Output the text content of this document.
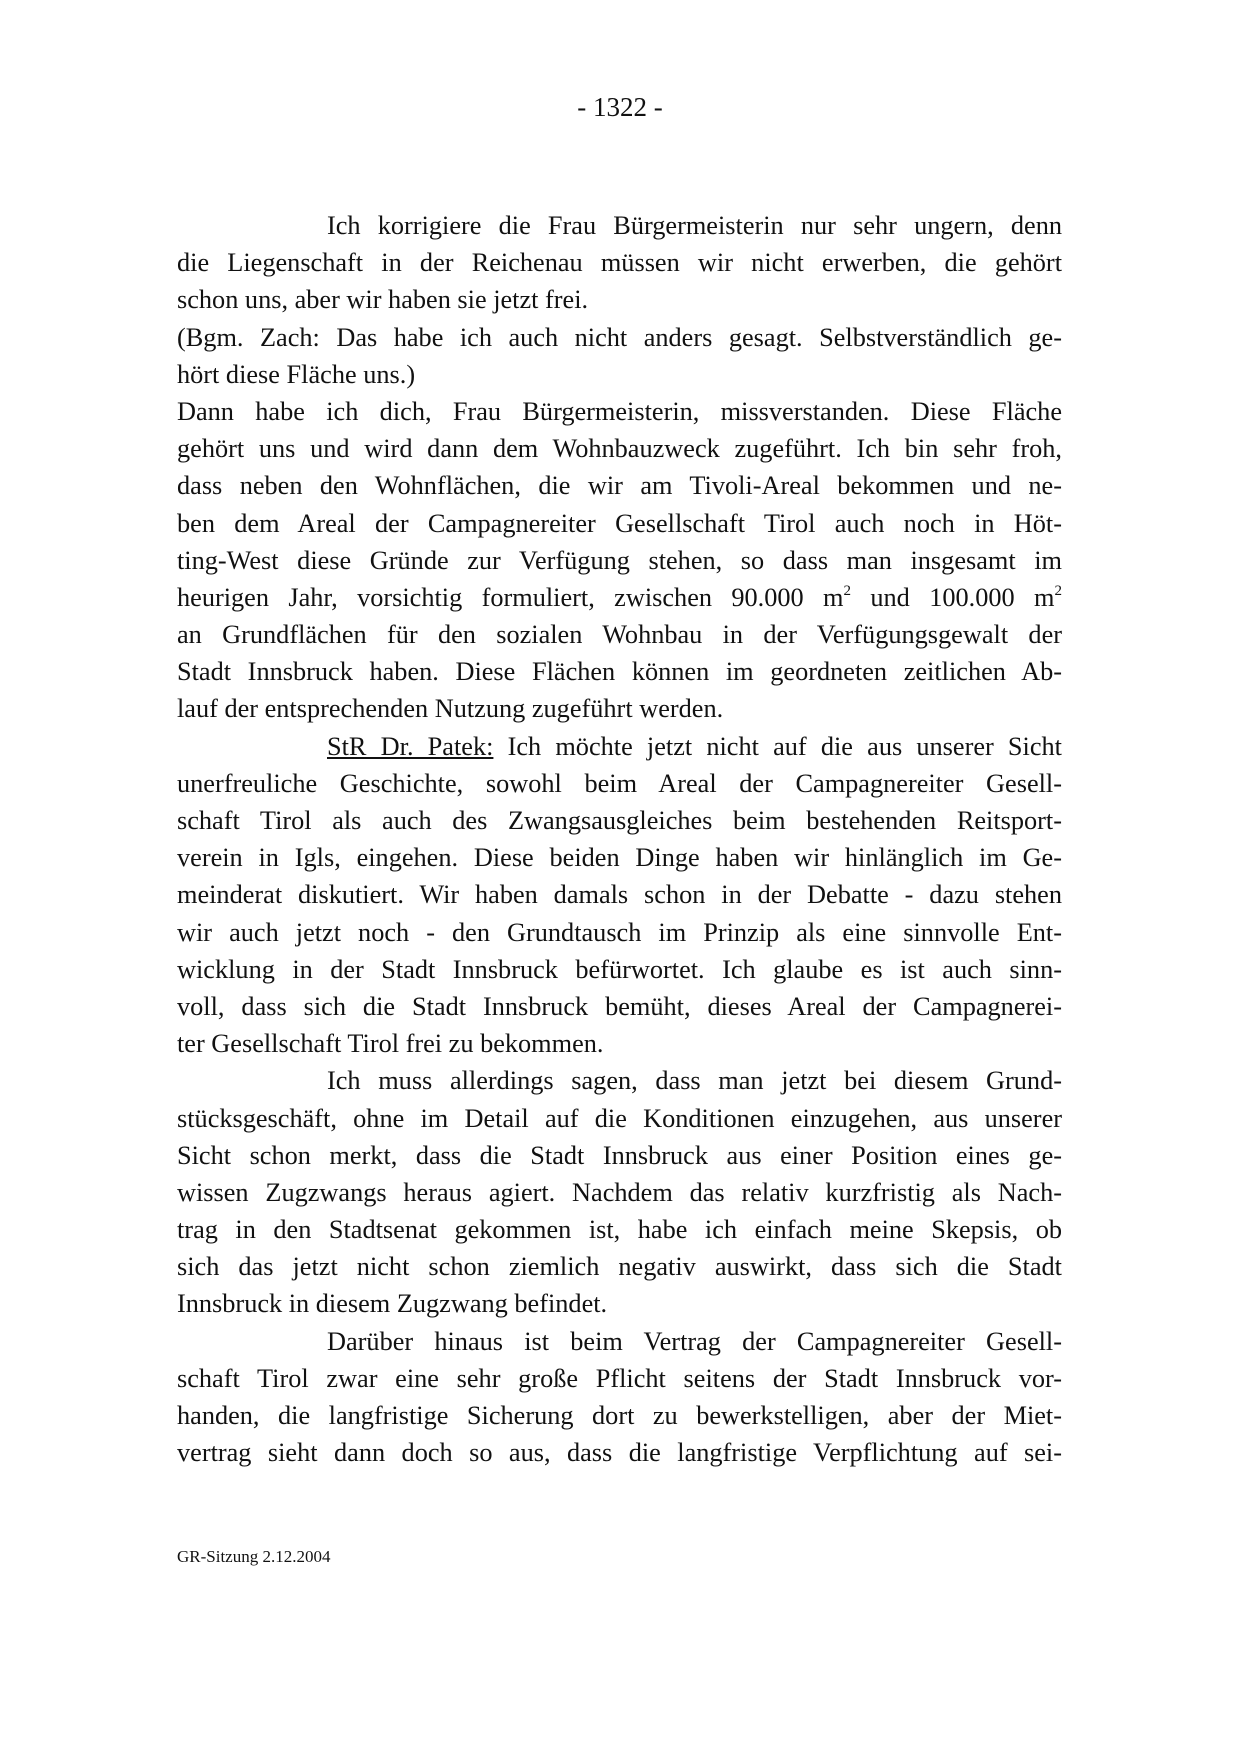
- 1322 -
Ich korrigiere die Frau Bürgermeisterin nur sehr ungern, denn
die Liegenschaft in der Reichenau müssen wir nicht erwerben, die gehört
schon uns, aber wir haben sie jetzt frei.
(Bgm. Zach: Das habe ich auch nicht anders gesagt. Selbstverständlich ge-
hört diese Fläche uns.)
Dann habe ich dich, Frau Bürgermeisterin, missverstanden. Diese Fläche
gehört uns und wird dann dem Wohnbauzweck zugeführt. Ich bin sehr froh,
dass neben den Wohnflächen, die wir am Tivoli-Areal bekommen und ne-
ben dem Areal der Campagnereiter Gesellschaft Tirol auch noch in Höt-
ting-West diese Gründe zur Verfügung stehen, so dass man insgesamt im
heurigen Jahr, vorsichtig formuliert, zwischen 90.000 $m^2$ und 100.000 $m^2$
an Grundflächen für den sozialen Wohnbau in der Verfügungsgewalt der
Stadt Innsbruck haben. Diese Flächen können im geordneten zeitlichen Ab-
lauf der entsprechenden Nutzung zugeführt werden.
StR Dr. Patek: Ich möchte jetzt nicht auf die aus unserer Sicht
unerfreuliche Geschichte, sowohl beim Areal der Campagnereiter Gesell-
schaft Tirol als auch des Zwangsausgleiches beim bestehenden Reitsport-
verein in Igls, eingehen. Diese beiden Dinge haben wir hinlänglich im Ge-
meinderat diskutiert. Wir haben damals schon in der Debatte - dazu stehen
wir auch jetzt noch - den Grundtausch im Prinzip als eine sinnvolle Ent-
wicklung in der Stadt Innsbruck befürwortet. Ich glaube es ist auch sinn-
voll, dass sich die Stadt Innsbruck bemüht, dieses Areal der Campagnerei-
ter Gesellschaft Tirol frei zu bekommen.
Ich muss allerdings sagen, dass man jetzt bei diesem Grund-
stücksgeschäft, ohne im Detail auf die Konditionen einzugehen, aus unserer
Sicht schon merkt, dass die Stadt Innsbruck aus einer Position eines ge-
wissen Zugzwangs heraus agiert. Nachdem das relativ kurzfristig als Nach-
trag in den Stadtsenat gekommen ist, habe ich einfach meine Skepsis, ob
sich das jetzt nicht schon ziemlich negativ auswirkt, dass sich die Stadt
Innsbruck in diesem Zugzwang befindet.
Darüber hinaus ist beim Vertrag der Campagnereiter Gesell-
schaft Tirol zwar eine sehr große Pflicht seitens der Stadt Innsbruck vor-
handen, die langfristige Sicherung dort zu bewerkstelligen, aber der Miet-
vertrag sieht dann doch so aus, dass die langfristige Verpflichtung auf sei-
GR-Sitzung 2.12.2004
